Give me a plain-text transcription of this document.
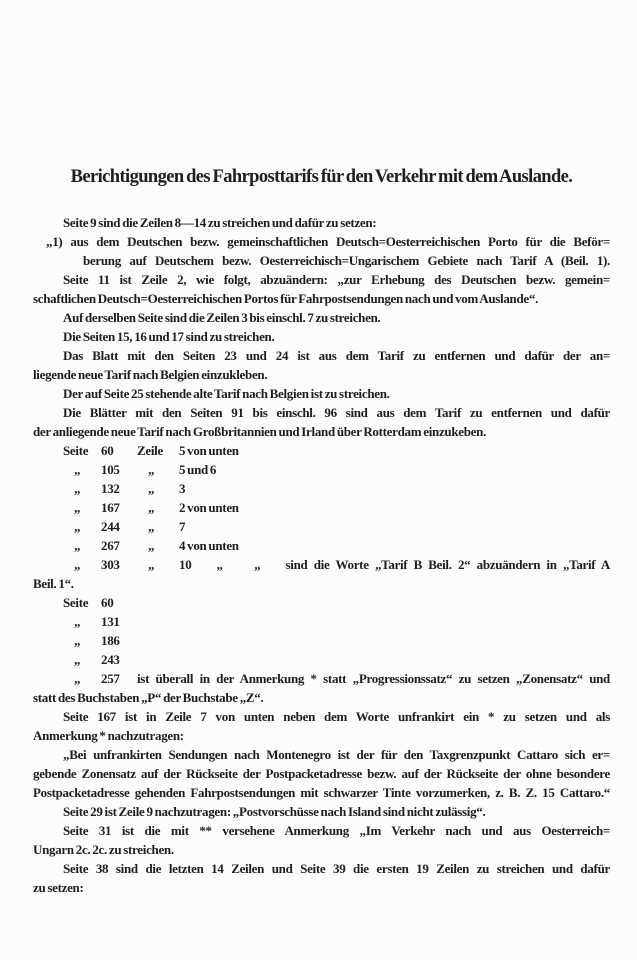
Berichtigungen des Fahrposttarifs für den Verkehr mit dem Auslande.
Seite 9 sind die Zeilen 8—14 zu streichen und dafür zu setzen:
„1) aus dem Deutschen bezw. gemeinschaftlichen Deutsch=Oesterreichischen Porto für die Beför=
berung auf Deutschem bezw. Oesterreichisch=Ungarischem Gebiete nach Tarif A (Beil. 1).
Seite 11 ist Zeile 2, wie folgt, abzuändern: „zur Erhebung des Deutschen bezw. gemein=
schaftlichen Deutsch=Oesterreichischen Portos für Fahrpostsendungen nach und vom Auslande“.
Auf derselben Seite sind die Zeilen 3 bis einschl. 7 zu streichen.
Die Seiten 15, 16 und 17 sind zu streichen.
Das Blatt mit den Seiten 23 und 24 ist aus dem Tarif zu entfernen und dafür der an=
liegende neue Tarif nach Belgien einzukleben.
Der auf Seite 25 stehende alte Tarif nach Belgien ist zu streichen.
Die Blätter mit den Seiten 91 bis einschl. 96 sind aus dem Tarif zu entfernen und dafür
der anliegende neue Tarif nach Großbritannien und Irland über Rotterdam einzukeben.
Seite 60	Zeile	5 von unten
„	105	„	5 und 6
„	132	„	3
„	167	„	2 von unten
„	244	„	7
„	267	„	4 von unten
„	303	„	10    „     „    sind die Worte „Tarif B Beil. 2“ abzuändern in „Tarif A
Beil. 1“.
Seite 60
„	131
„	186
„	243
„	257	ist überall in der Anmerkung * statt „Progressionssatz“ zu setzen „Zonensatz“ und
statt des Buchstaben „P“ der Buchstabe „Z“.
Seite 167 ist in Zeile 7 von unten neben dem Worte unfrankirt ein * zu setzen und als
Anmerkung * nachzutragen:
„Bei unfrankirten Sendungen nach Montenegro ist der für den Taxgrenzpunkt Cattaro sich er=
gebende Zonensatz auf der Rückseite der Postpacketadresse bezw. auf der Rückseite der ohne besondere
Postpacketadresse gehenden Fahrpostsendungen mit schwarzer Tinte vorzumerken, z. B. Z. 15 Cattaro.“
Seite 29 ist Zeile 9 nachzutragen: „Postvorschüsse nach Island sind nicht zulässig“.
Seite 31 ist die mit ** versehene Anmerkung „Im Verkehr nach und aus Oesterreich=
Ungarn 2c. 2c. zu streichen.
Seite 38 sind die letzten 14 Zeilen und Seite 39 die ersten 19 Zeilen zu streichen und dafür
zu setzen:
